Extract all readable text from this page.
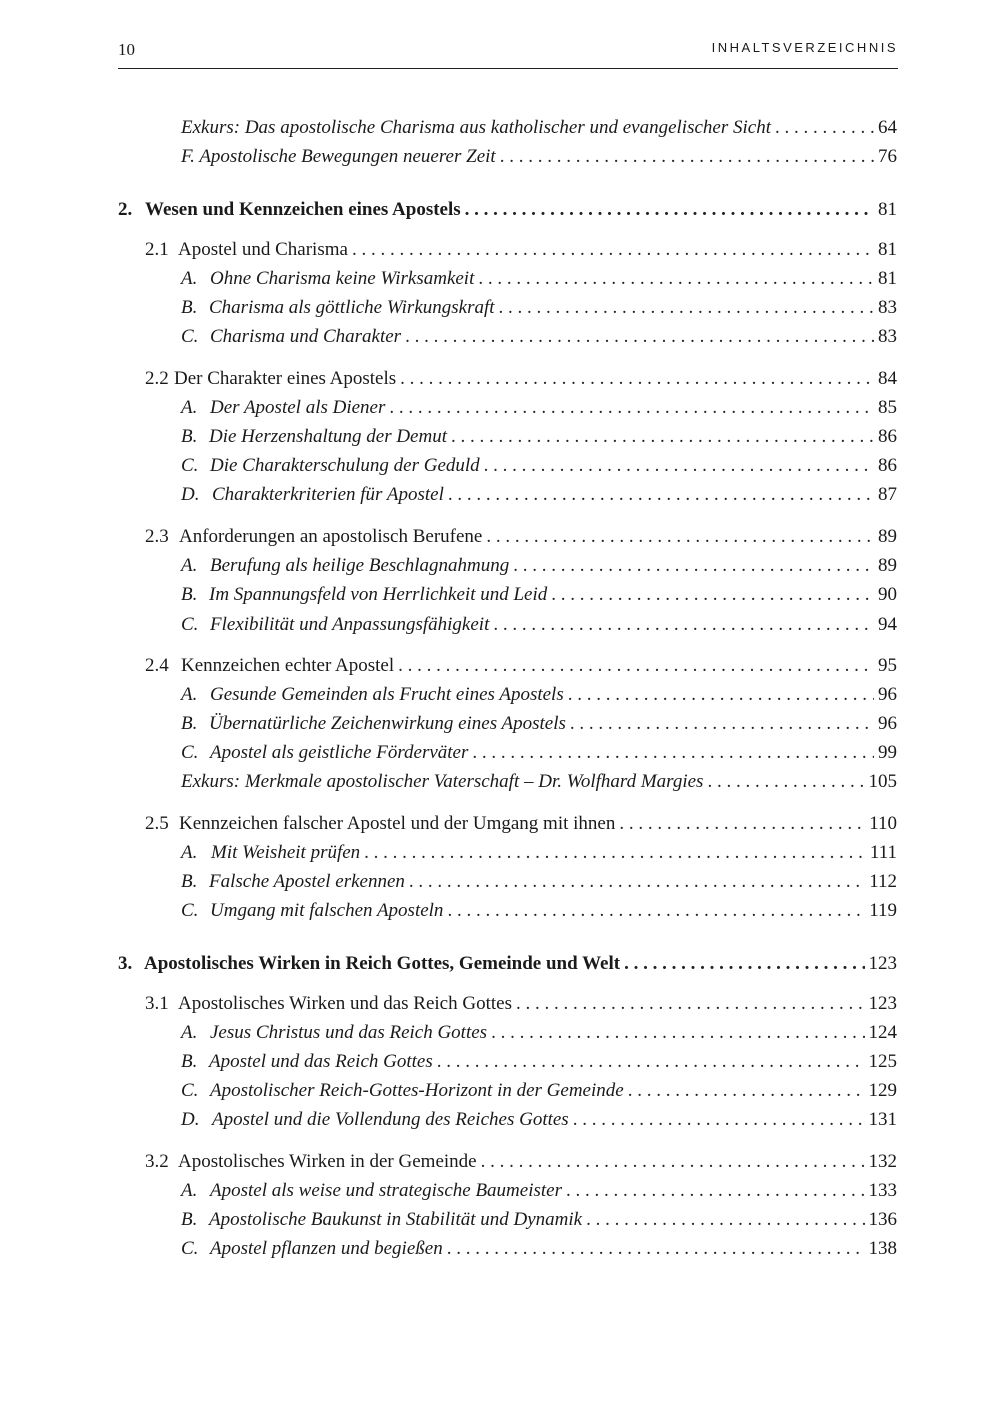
10	INHALTSVERZEICHNIS
Exkurs: Das apostolische Charisma aus katholischer und evangelischer Sicht . . .	64
F. Apostolische Bewegungen neuerer Zeit . . .	76
2. Wesen und Kennzeichen eines Apostels . . .	81
2.1 Apostel und Charisma . . .	81
A. Ohne Charisma keine Wirksamkeit . . .	81
B. Charisma als göttliche Wirkungskraft . . .	83
C. Charisma und Charakter . . .	83
2.2 Der Charakter eines Apostels . . .	84
A. Der Apostel als Diener . . .	85
B. Die Herzenshaltung der Demut . . .	86
C. Die Charakterschulung der Geduld . . .	86
D. Charakterkriterien für Apostel . . .	87
2.3 Anforderungen an apostolisch Berufene . . .	89
A. Berufung als heilige Beschlagnahmung . . .	89
B. Im Spannungsfeld von Herrlichkeit und Leid . . .	90
C. Flexibilität und Anpassungsfähigkeit . . .	94
2.4 Kennzeichen echter Apostel . . .	95
A. Gesunde Gemeinden als Frucht eines Apostels . . .	96
B. Übernatürliche Zeichenwirkung eines Apostels . . .	96
C. Apostel als geistliche Förderväter . . .	99
Exkurs: Merkmale apostolischer Vaterschaft – Dr. Wolfhard Margies . . .	105
2.5 Kennzeichen falscher Apostel und der Umgang mit ihnen . . .	110
A. Mit Weisheit prüfen . . .	111
B. Falsche Apostel erkennen . . .	112
C. Umgang mit falschen Aposteln . . .	119
3. Apostolisches Wirken in Reich Gottes, Gemeinde und Welt . . .	123
3.1 Apostolisches Wirken und das Reich Gottes . . .	123
A. Jesus Christus und das Reich Gottes . . .	124
B. Apostel und das Reich Gottes . . .	125
C. Apostolischer Reich-Gottes-Horizont in der Gemeinde . . .	129
D. Apostel und die Vollendung des Reiches Gottes . . .	131
3.2 Apostolisches Wirken in der Gemeinde . . .	132
A. Apostel als weise und strategische Baumeister . . .	133
B. Apostolische Baukunst in Stabilität und Dynamik . . .	136
C. Apostel pflanzen und begießen . . .	138
